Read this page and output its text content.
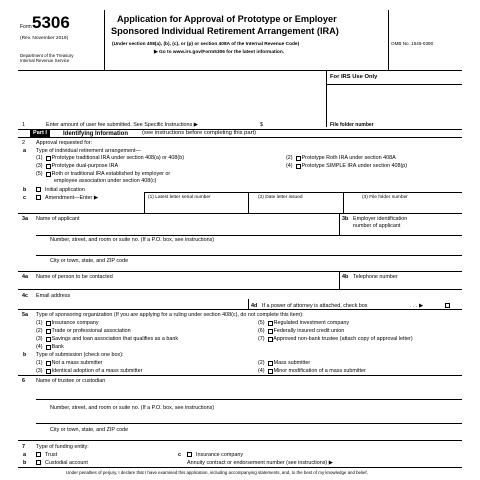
Form 5306
(Rev. November 2019)
Department of the Treasury
Internal Revenue Service
Application for Approval of Prototype or Employer
Sponsored Individual Retirement Arrangement (IRA)
(Under section 408(a), (b), (c), or (p) or section 408A of the Internal Revenue Code)
▶ Go to www.irs.gov/Form5306 for the latest information.
OMB No. 1545-0390
For IRS Use Only
1	Enter amount of user fee submitted. See Specific Instructions ▶	$	File folder number
Part I	Identifying Information (see instructions before completing this part)
2 Approval requested for:
a Type of individual retirement arrangement—
(1)      Prototype traditional IRA under section 408(a) or 408(b)
(3)      Prototype dual-purpose IRA
(5)      Roth or traditional IRA established by employer or
employee association under section 408(c)
(2)      Prototype Roth IRA under section 408A
(4)      Prototype SIMPLE IRA under section 408(p)
b	Initial application
c	Amendment—Enter ▶	(1) Latest letter serial number	(2) Date letter issued	(3) File folder number
3a Name of applicant	3b Employer identification
number of applicant
Number, street, and room or suite no. (If a P.O. box, see instructions)
City or town, state, and ZIP code
4a Name of person to be contacted	4b Telephone number
4c Email address
4d If a power of attorney is attached, check box	. . . ▶
5a Type of sponsoring organization (If you are applying for a ruling under section 408(c), do not complete this item):
(1)      Insurance company
(2)      Trade or professional association
(3)      Savings and loan association that qualifies as a bank
(4)      Bank
(5)      Regulated investment company
(6)      Federally insured credit union
(7)      Approved non-bank trustee (attach copy of approval letter)
b Type of submission (check one box):
(1)      Not a mass submitter
(3)      Identical adoption of a mass submitter
(2)      Mass submitter
(4)      Minor modification of a mass submitter
6 Name of trustee or custodian
Number, street, and room or suite no. (If a P.O. box, see instructions)
City or town, state, and ZIP code
7 Type of funding entity:
a	Trust
b	Custodial account
c	Insurance company
Annuity contract or endorsement number (see instructions) ▶
Under penalties of perjury, I declare that I have examined this application, including accompanying statements, and, to the best of my knowledge and belief,
